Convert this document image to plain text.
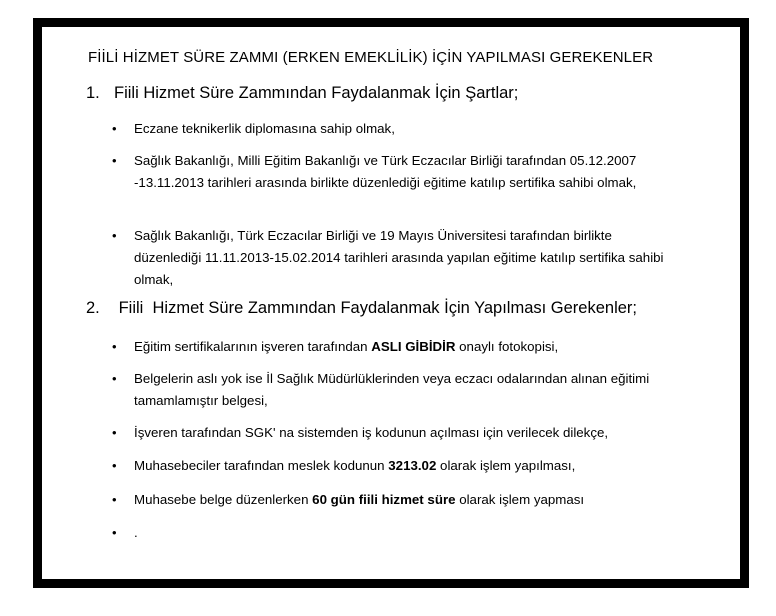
FİİLİ HİZMET SÜRE ZAMMI (ERKEN EMEKLİLİK) İÇİN YAPILMASI GEREKENLER
1. Fiili Hizmet Süre Zammından Faydalanmak İçin Şartlar;
• Eczane teknikerlik diplomasına sahip olmak,
• Sağlık Bakanlığı, Milli Eğitim Bakanlığı ve Türk Eczacılar Birliği tarafından 05.12.2007 -13.11.2013 tarihleri arasında birlikte düzenlediği eğitime katılıp sertifika sahibi olmak,
• Sağlık Bakanlığı, Türk Eczacılar Birliği ve 19 Mayıs Üniversitesi tarafından birlikte düzenlediği 11.11.2013-15.02.2014 tarihleri arasında yapılan eğitime katılıp sertifika sahibi olmak,
2. Fiili  Hizmet Süre Zammından Faydalanmak İçin Yapılması Gerekenler;
• Eğitim sertifikalarının işveren tarafından ASLI GİBİDİR onaylı fotokopisi,
• Belgelerin aslı yok ise İl Sağlık Müdürlüklerinden veya eczacı odalarından alınan eğitimi tamamlamıştır belgesi,
• İşveren tarafından SGK' na sistemden iş kodunun açılması için verilecek dilekçe,
• Muhasebeciler tarafından meslek kodunun 3213.02 olarak işlem yapılması,
• Muhasebe belge düzenlerken 60 gün fiili hizmet süre olarak işlem yapması
• .
